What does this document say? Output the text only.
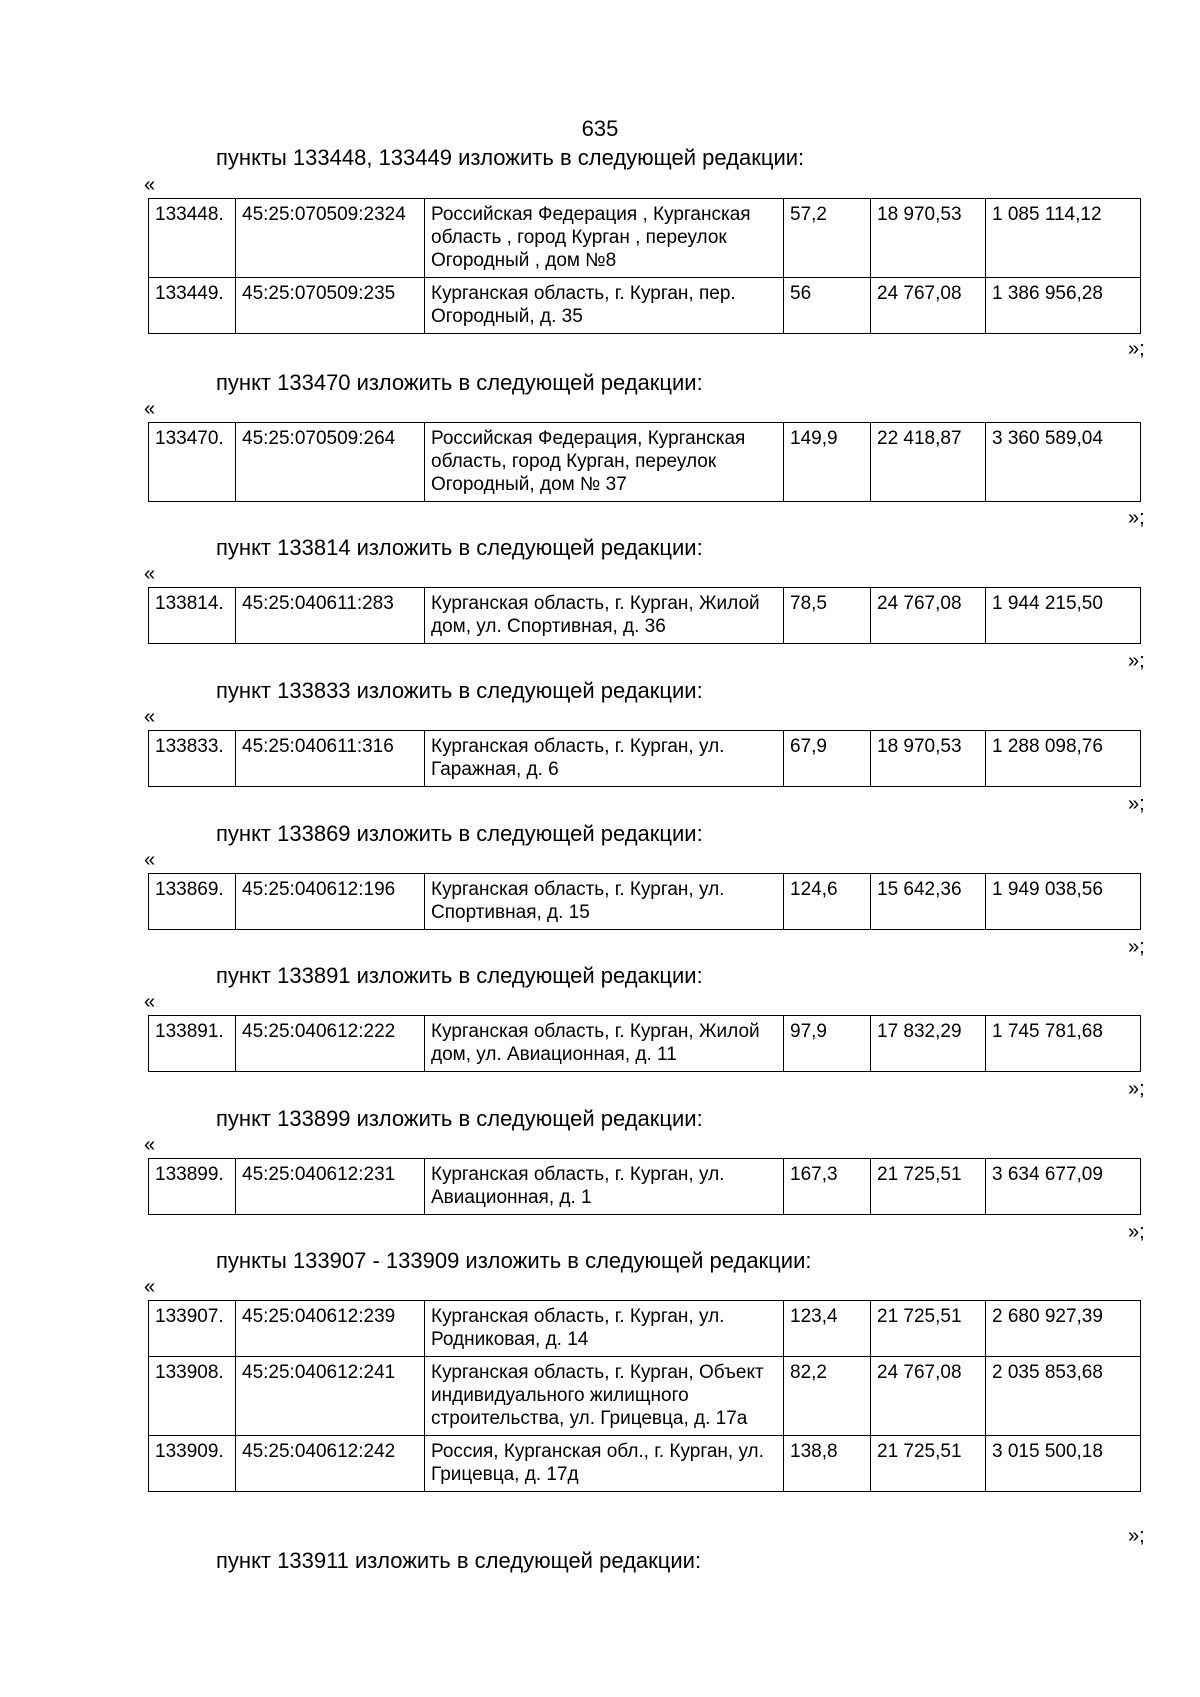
635
пункты 133448, 133449 изложить в следующей редакции:
«
133448.	45:25:070509:2324	Российская Федерация , Курганская область , город Курган , переулок Огородный , дом №8	57,2	18 970,53	1 085 114,12
133449.	45:25:070509:235	Курганская область, г. Курган, пер. Огородный, д. 35	56	24 767,08	1 386 956,28
»;
пункт 133470 изложить в следующей редакции:
«
133470.	45:25:070509:264	Российская Федерация, Курганская область, город Курган, переулок Огородный, дом № 37	149,9	22 418,87	3 360 589,04
»;
пункт 133814 изложить в следующей редакции:
«
133814.	45:25:040611:283	Курганская область, г. Курган, Жилой дом, ул. Спортивная, д. 36	78,5	24 767,08	1 944 215,50
»;
пункт 133833 изложить в следующей редакции:
«
133833.	45:25:040611:316	Курганская область, г. Курган, ул. Гаражная, д. 6	67,9	18 970,53	1 288 098,76
»;
пункт 133869 изложить в следующей редакции:
«
133869.	45:25:040612:196	Курганская область, г. Курган, ул. Спортивная, д. 15	124,6	15 642,36	1 949 038,56
»;
пункт 133891 изложить в следующей редакции:
«
133891.	45:25:040612:222	Курганская область, г. Курган, Жилой дом, ул. Авиационная, д. 11	97,9	17 832,29	1 745 781,68
»;
пункт 133899 изложить в следующей редакции:
«
133899.	45:25:040612:231	Курганская область, г. Курган, ул. Авиационная, д. 1	167,3	21 725,51	3 634 677,09
»;
пункты 133907 - 133909 изложить в следующей редакции:
«
133907.	45:25:040612:239	Курганская область, г. Курган, ул. Родниковая, д. 14	123,4	21 725,51	2 680 927,39
133908.	45:25:040612:241	Курганская область, г. Курган, Объект индивидуального жилищного строительства, ул. Грицевца, д. 17а	82,2	24 767,08	2 035 853,68
133909.	45:25:040612:242	Россия, Курганская обл., г. Курган, ул. Грицевца, д. 17д	138,8	21 725,51	3 015 500,18
»;
пункт 133911 изложить в следующей редакции:
